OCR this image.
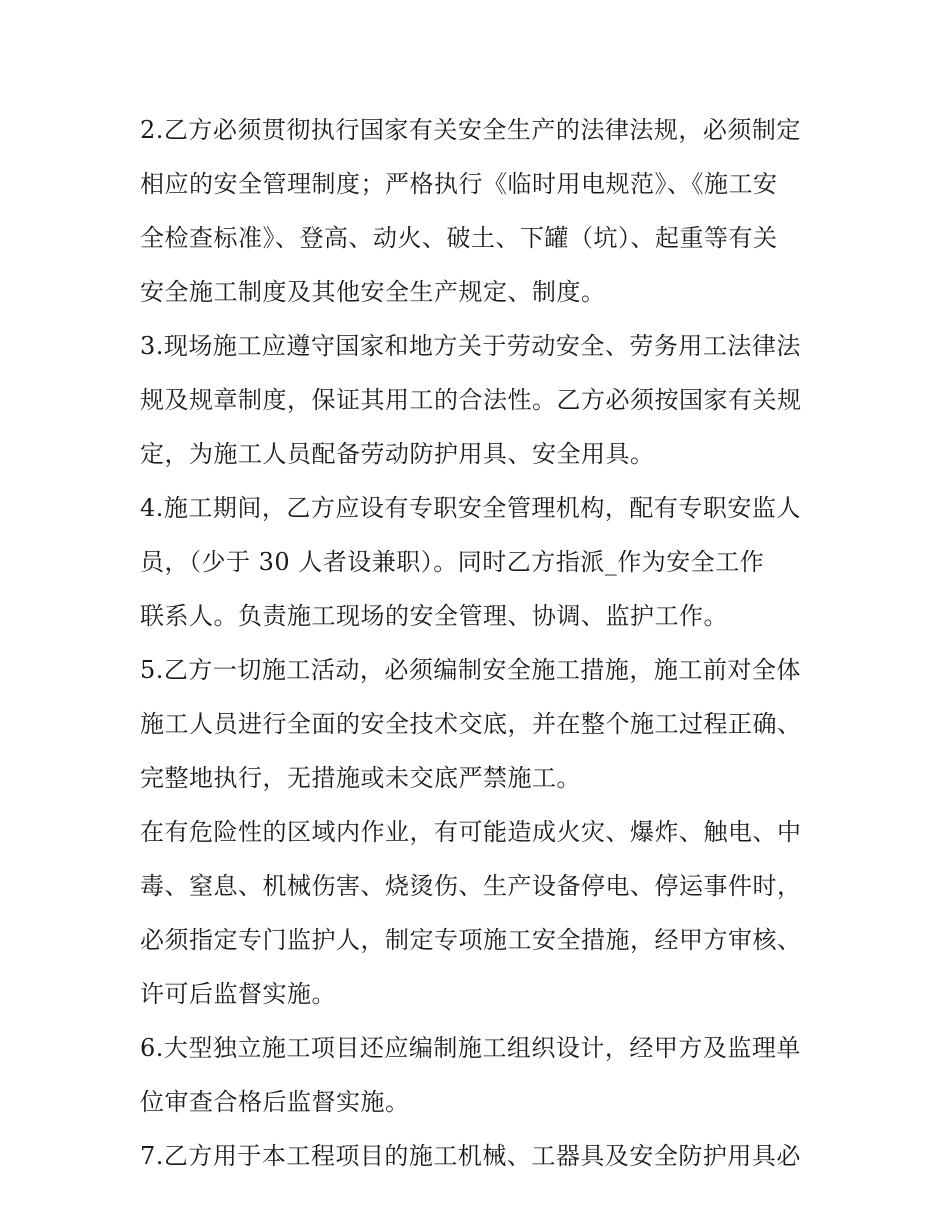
2.乙方必须贯彻执行国家有关安全生产的法律法规，必须制定
相应的安全管理制度；严格执行《临时用电规范》、《施工安
全检查标准》、登高、动火、破土、下罐（坑）、起重等有关
安全施工制度及其他安全生产规定、制度。

3.现场施工应遵守国家和地方关于劳动安全、劳务用工法律法
规及规章制度，保证其用工的合法性。乙方必须按国家有关规
定，为施工人员配备劳动防护用具、安全用具。

4.施工期间，乙方应设有专职安全管理机构，配有专职安监人
员，（少于 30 人者设兼职）。同时乙方指派_作为安全工作
联系人。负责施工现场的安全管理、协调、监护工作。

5.乙方一切施工活动，必须编制安全施工措施，施工前对全体
施工人员进行全面的安全技术交底，并在整个施工过程正确、
完整地执行，无措施或未交底严禁施工。

在有危险性的区域内作业，有可能造成火灾、爆炸、触电、中
毒、窒息、机械伤害、烧烫伤、生产设备停电、停运事件时，
必须指定专门监护人，制定专项施工安全措施，经甲方审核、
许可后监督实施。

6.大型独立施工项目还应编制施工组织设计，经甲方及监理单
位审查合格后监督实施。

7.乙方用于本工程项目的施工机械、工器具及安全防护用具必
